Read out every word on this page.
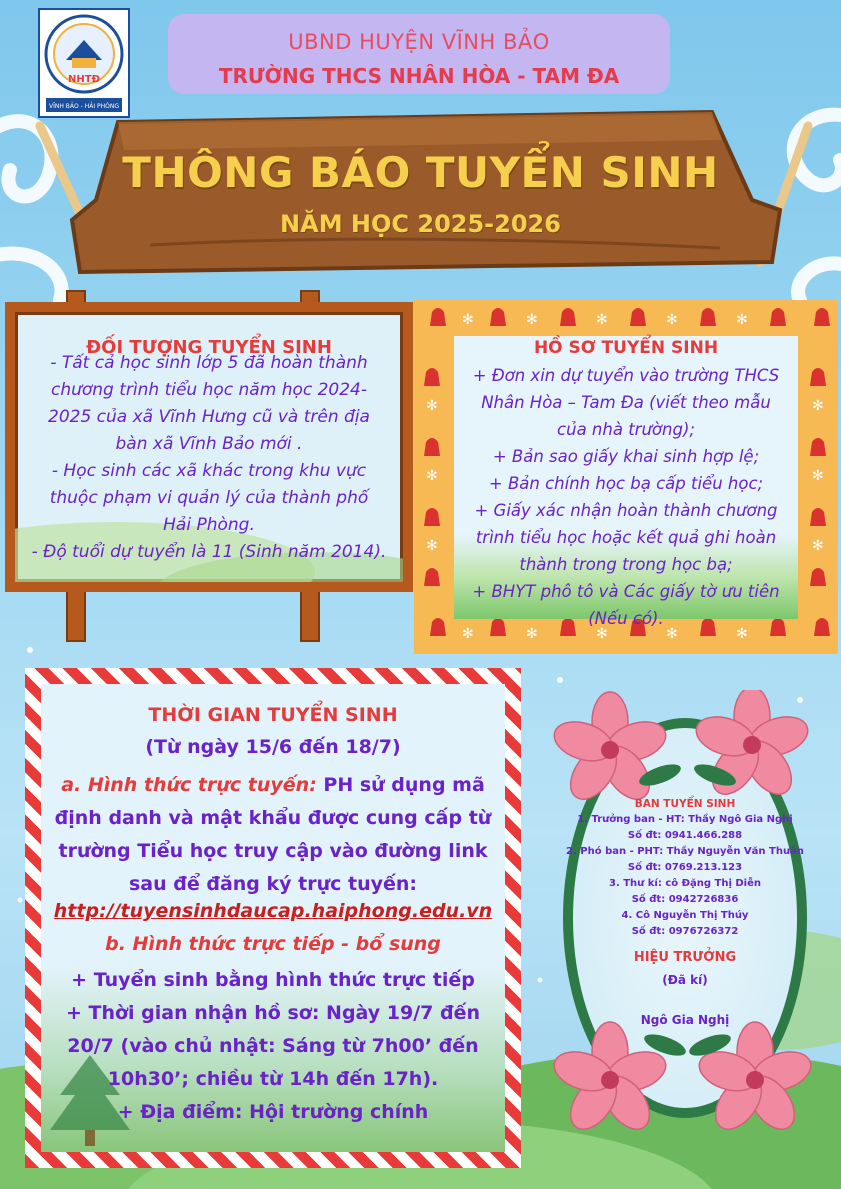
NHTĐ
VĨNH BẢO - HẢI PHÒNG
UBND HUYỆN VĨNH BẢO
TRƯỜNG THCS NHÂN HÒA - TAM ĐA
THÔNG BÁO TUYỂN SINH
NĂM HỌC 2025-2026
ĐỐI TƯỢNG TUYỂN SINH
- Tất cả học sinh lớp 5 đã hoàn thành
chương trình tiểu học năm học 2024-
2025 của xã Vĩnh Hưng cũ và trên địa
bàn xã Vĩnh Bảo mới .
- Học sinh các xã khác trong khu vực
thuộc phạm vi quản lý của thành phố
Hải Phòng.
- Độ tuổi dự tuyển là 11 (Sinh năm 2014).
✻	✻	✻	✻	✻
✻	✻	✻	✻	✻
✻
✻
✻
✻
✻
✻
HỒ SƠ TUYỂN SINH
+ Đơn xin dự tuyển vào trường THCS
Nhân Hòa – Tam Đa (viết theo mẫu
của nhà trường);
+ Bản sao giấy khai sinh hợp lệ;
+ Bản chính học bạ cấp tiểu học;
+ Giấy xác nhận hoàn thành chương
trình tiểu học hoặc kết quả ghi hoàn
thành trong trong học bạ;
+ BHYT phô tô và Các giấy tờ ưu tiên
(Nếu có).
THỜI GIAN TUYỂN SINH
(Từ ngày 15/6 đến 18/7)
a. Hình thức trực tuyến: PH sử dụng mã
định danh và mật khẩu được cung cấp từ
trường Tiểu học truy cập vào đường link
sau để đăng ký trực tuyến:
http://tuyensinhdaucap.haiphong.edu.vn
b. Hình thức trực tiếp - bổ sung
+ Tuyển sinh bằng hình thức trực tiếp
+ Thời gian nhận hồ sơ: Ngày 19/7 đến
20/7 (vào chủ nhật: Sáng từ 7h00’ đến
10h30’; chiều từ 14h đến 17h).
+ Địa điểm: Hội trường chính
BAN TUYỂN SINH
1. Trưởng ban - HT: Thầy Ngô Gia Nghị
Số đt: 0941.466.288
2. Phó ban - PHT: Thầy Nguyễn Văn Thuấn
Số đt: 0769.213.123
3. Thư kí: cô Đặng Thị Diễn
Số đt: 0942726836
4. Cô Nguyễn Thị Thúy
Số đt: 0976726372
HIỆU TRƯỞNG
(Đã kí)
Ngô Gia Nghị
